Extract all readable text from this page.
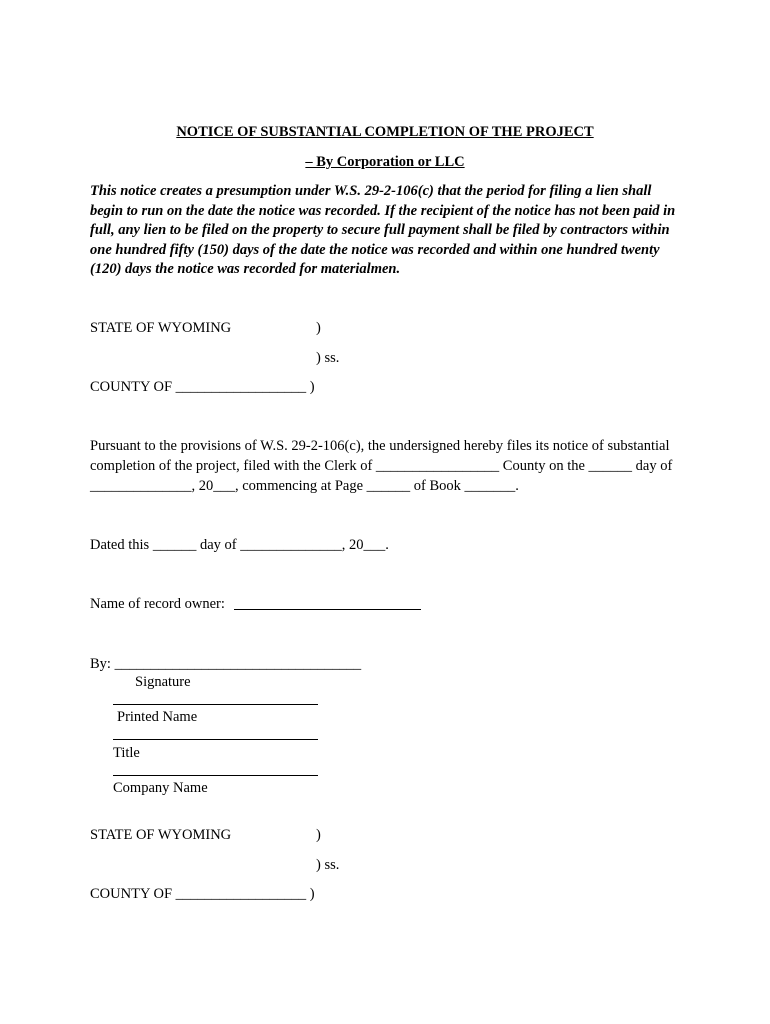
NOTICE OF SUBSTANTIAL COMPLETION OF THE PROJECT
– By Corporation or LLC
This notice creates a presumption under W.S. 29-2-106(c) that the period for filing a lien shall begin to run on the date the notice was recorded. If the recipient of the notice has not been paid in full, any lien to be filed on the property to secure full payment shall be filed by contractors within one hundred fifty (150) days of the date the notice was recorded and within one hundred twenty (120) days the notice was recorded for materialmen.
STATE OF WYOMING	)
) ss.
COUNTY OF __________________ )
Pursuant to the provisions of W.S. 29-2-106(c), the undersigned hereby files its notice of substantial completion of the project, filed with the Clerk of _________________ County on the ______ day of ______________, 20___, commencing at Page ______ of Book _______.
Dated this ______ day of ______________, 20___.
Name of record owner:
By: __________________________________
Signature
Printed Name
Title
Company Name
STATE OF WYOMING	)
) ss.
COUNTY OF __________________ )
